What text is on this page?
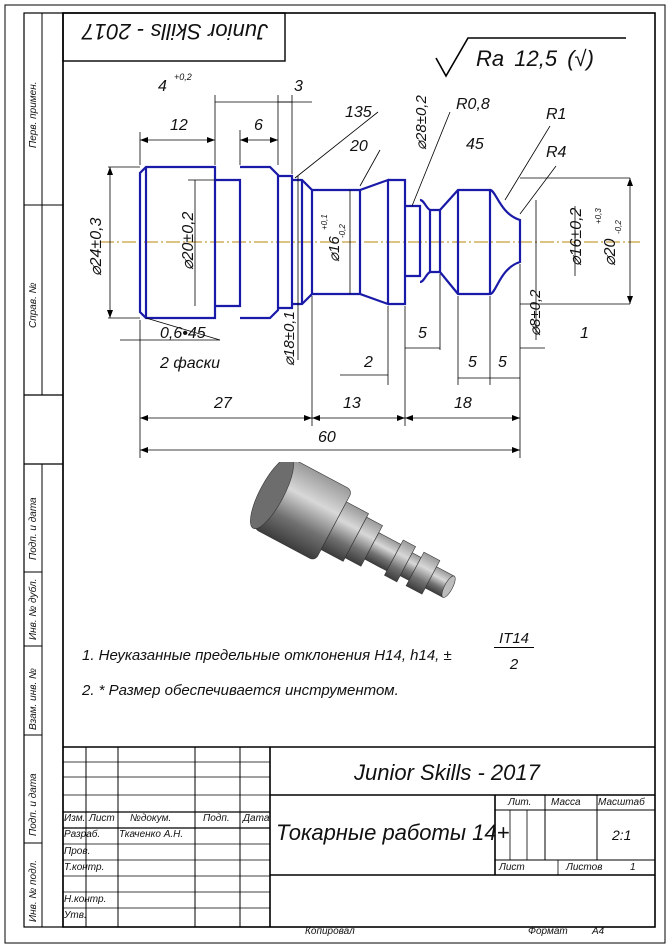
Перв. примен.
Справ. №
Подп. и дата
Инв. № дубл.
Взам. инв. №
Подп. и дата
Инв. № подл.
Junior Skills - 2017
Ra 12,5 (√)
4
+0,2
3
12	6
135
20	⌀28±0,2 R0,8
45
R1
R4
⌀24±0,3	⌀20±0,2	⌀16
+0,1
-0,2	⌀16±0,2 ⌀20
+0,3
-0,2
0,6•45
2 фаски	⌀18±0,1	⌀8±0,2
5	1
2	5 5
27	13	18
60
1. Неуказанные предельные отклонения H14, h14, ±
IT14
2
2. * Размер обеспечивается инструментом.
Junior Skills - 2017
Токарные работы 14+
Изм. Лист №докум.	Подп. Дата
Разраб. Ткаченко А.Н.
Пров.
Т.контр.
Н.контр.
Утв.
Лит. Масса Масштаб
2:1
Лист	Листов	1
Копировал	Формат A4
